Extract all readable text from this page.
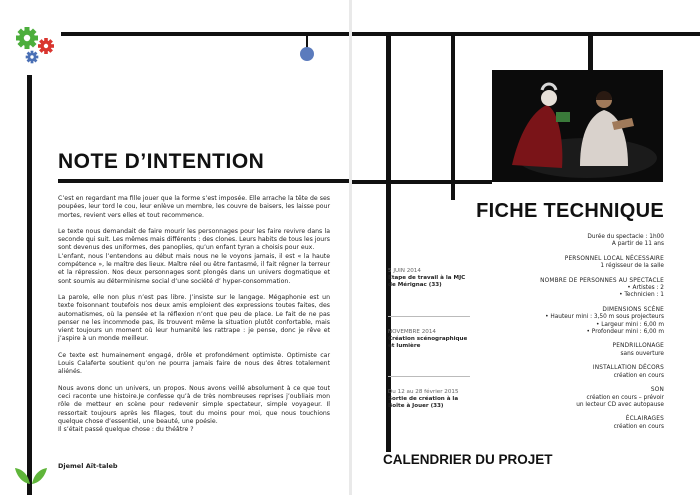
NOTE D’INTENTION

C’est en regardant ma fille jouer que la forme s’est imposée. Elle arrache la tête de ses poupées, leur tord le cou, leur enlève un membre, les couvre de baisers, les laisse pour mortes, revient vers elles et tout recommence.

Le texte nous demandait de faire mourir les personnages pour les faire revivre dans la seconde qui suit. Les mêmes mais différents : des clones. Leurs habits de tous les jours sont devenus des uniformes, des panoplies, qu’un enfant tyran a choisis pour eux.

L’enfant, nous l’entendons au début mais nous ne le voyons jamais, il est « la haute compétence », le maître des lieux. Maître réel ou être fantasmé, il fait régner la terreur et la répression. Nos deux personnages sont plongés dans un univers dogmatique et sont soumis au déterminisme social d’une société d’ hyper-consommation.

La parole, elle non plus n’est pas libre. J’insiste sur le langage. Mégaphonie est un texte foisonnant toutefois nos deux amis emploient des expressions toutes faites, des automatismes, où la pensée et la réflexion n’ont que peu de place. Le fait de ne pas penser ne les incommode pas, ils trouvent même la situation plutôt confortable, mais vient toujours un moment où leur humanité les rattrape : je pense, donc je rêve et j’aspire à un monde meilleur.

Ce texte est humainement engagé, drôle et profondément optimiste. Optimiste car Louis Calaferte soutient qu’on ne pourra jamais faire de nous des êtres totalement aliénés.

Nous avons donc un univers, un propos. Nous avons veillé absolument à ce que tout ceci raconte une histoire.Je confesse qu’à de très nombreuses reprises j’oubliais mon rôle de metteur en scène pour redevenir simple spectateur, simple voyageur. Il ressortait toujours après les filages, tout du moins pour moi, que nous touchions quelque chose d’essentiel, une beauté, une poésie.
Il s’était passé quelque chose : du théâtre ?

Djemel Aït-taleb
FICHE TECHNIQUE
5 JUIN 2014
Étape de travail à la MJC de Mérignac (33)
NOVEMBRE 2014
Création scénographique et lumière
Du 12 au 28 février 2015
Sortie de création à la Boîte à Jouer (33)
CALENDRIER DU PROJET
Durée du spectacle : 1h00
A partir de 11 ans
PERSONNEL LOCAL NÉCESSAIRE
1 régisseur de la salle
NOMBRE DE PERSONNES AU SPECTACLE
• Artistes : 2
• Technicien : 1
DIMENSIONS SCÈNE
• Hauteur mini : 3,50 m sous projecteurs
• Largeur mini : 6,00 m
• Profondeur mini : 6,00 m
PENDRILLONAGE
sans ouverture
INSTALLATION DÉCORS
création en cours
SON
création en cours – prévoir
un lecteur CD avec autopause
ÉCLAIRAGES
création en cours
